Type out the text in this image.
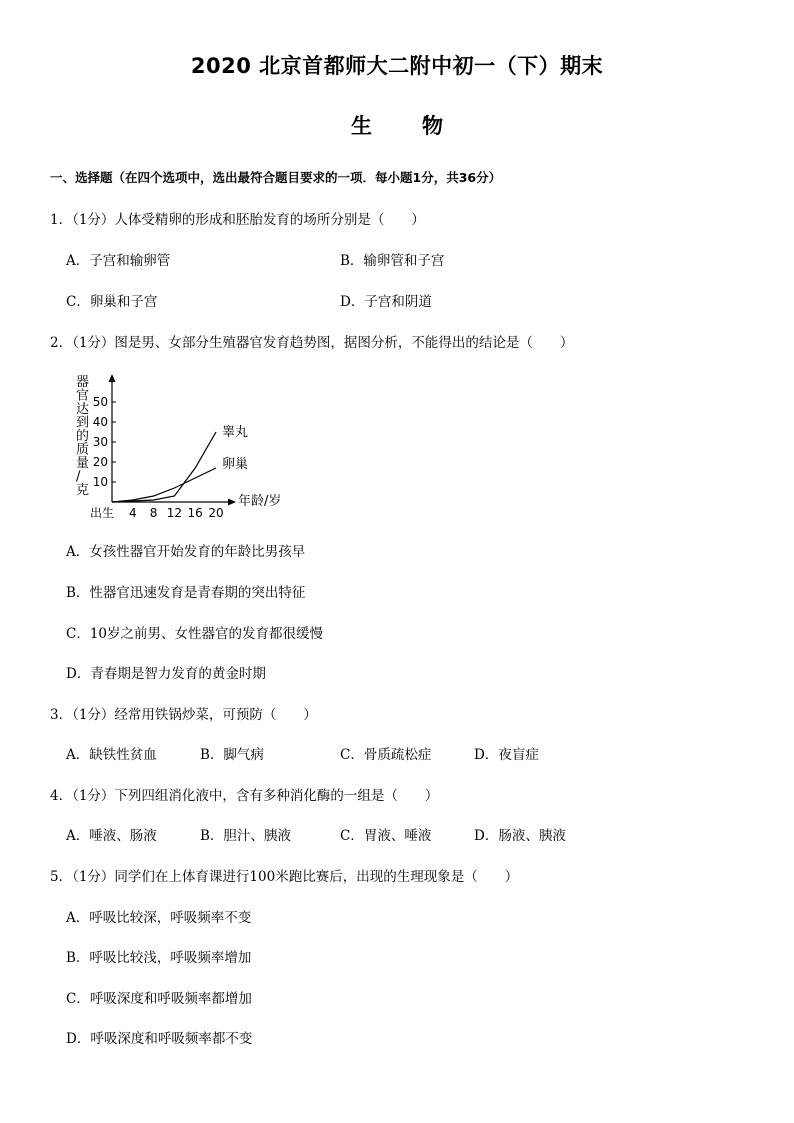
2020 北京首都师大二附中初一（下）期末
生物
一、选择题（在四个选项中，选出最符合题目要求的一项．每小题1分，共36分）
1．（1分）人体受精卵的形成和胚胎发育的场所分别是（　　）
A．子宫和输卵管	B．输卵管和子宫
C．卵巢和子宫	D．子宫和阴道
2．（1分）图是男、女部分生殖器官发育趋势图，据图分析，不能得出的结论是（　　）
器官达到的质量/克
年龄/岁
10
20
30
40
50
出生 4 8 12 16 20
睾丸
卵巢
A．女孩性器官开始发育的年龄比男孩早
B．性器官迅速发育是青春期的突出特征
C．10岁之前男、女性器官的发育都很缓慢
D．青春期是智力发育的黄金时期
3．（1分）经常用铁锅炒菜，可预防（　　）
A．缺铁性贫血	B．脚气病	C．骨质疏松症	D．夜盲症
4．（1分）下列四组消化液中，含有多种消化酶的一组是（　　）
A．唾液、肠液	B．胆汁、胰液	C．胃液、唾液	D．肠液、胰液
5．（1分）同学们在上体育课进行100米跑比赛后，出现的生理现象是（　　）
A．呼吸比较深，呼吸频率不变
B．呼吸比较浅，呼吸频率增加
C．呼吸深度和呼吸频率都增加
D．呼吸深度和呼吸频率都不变
